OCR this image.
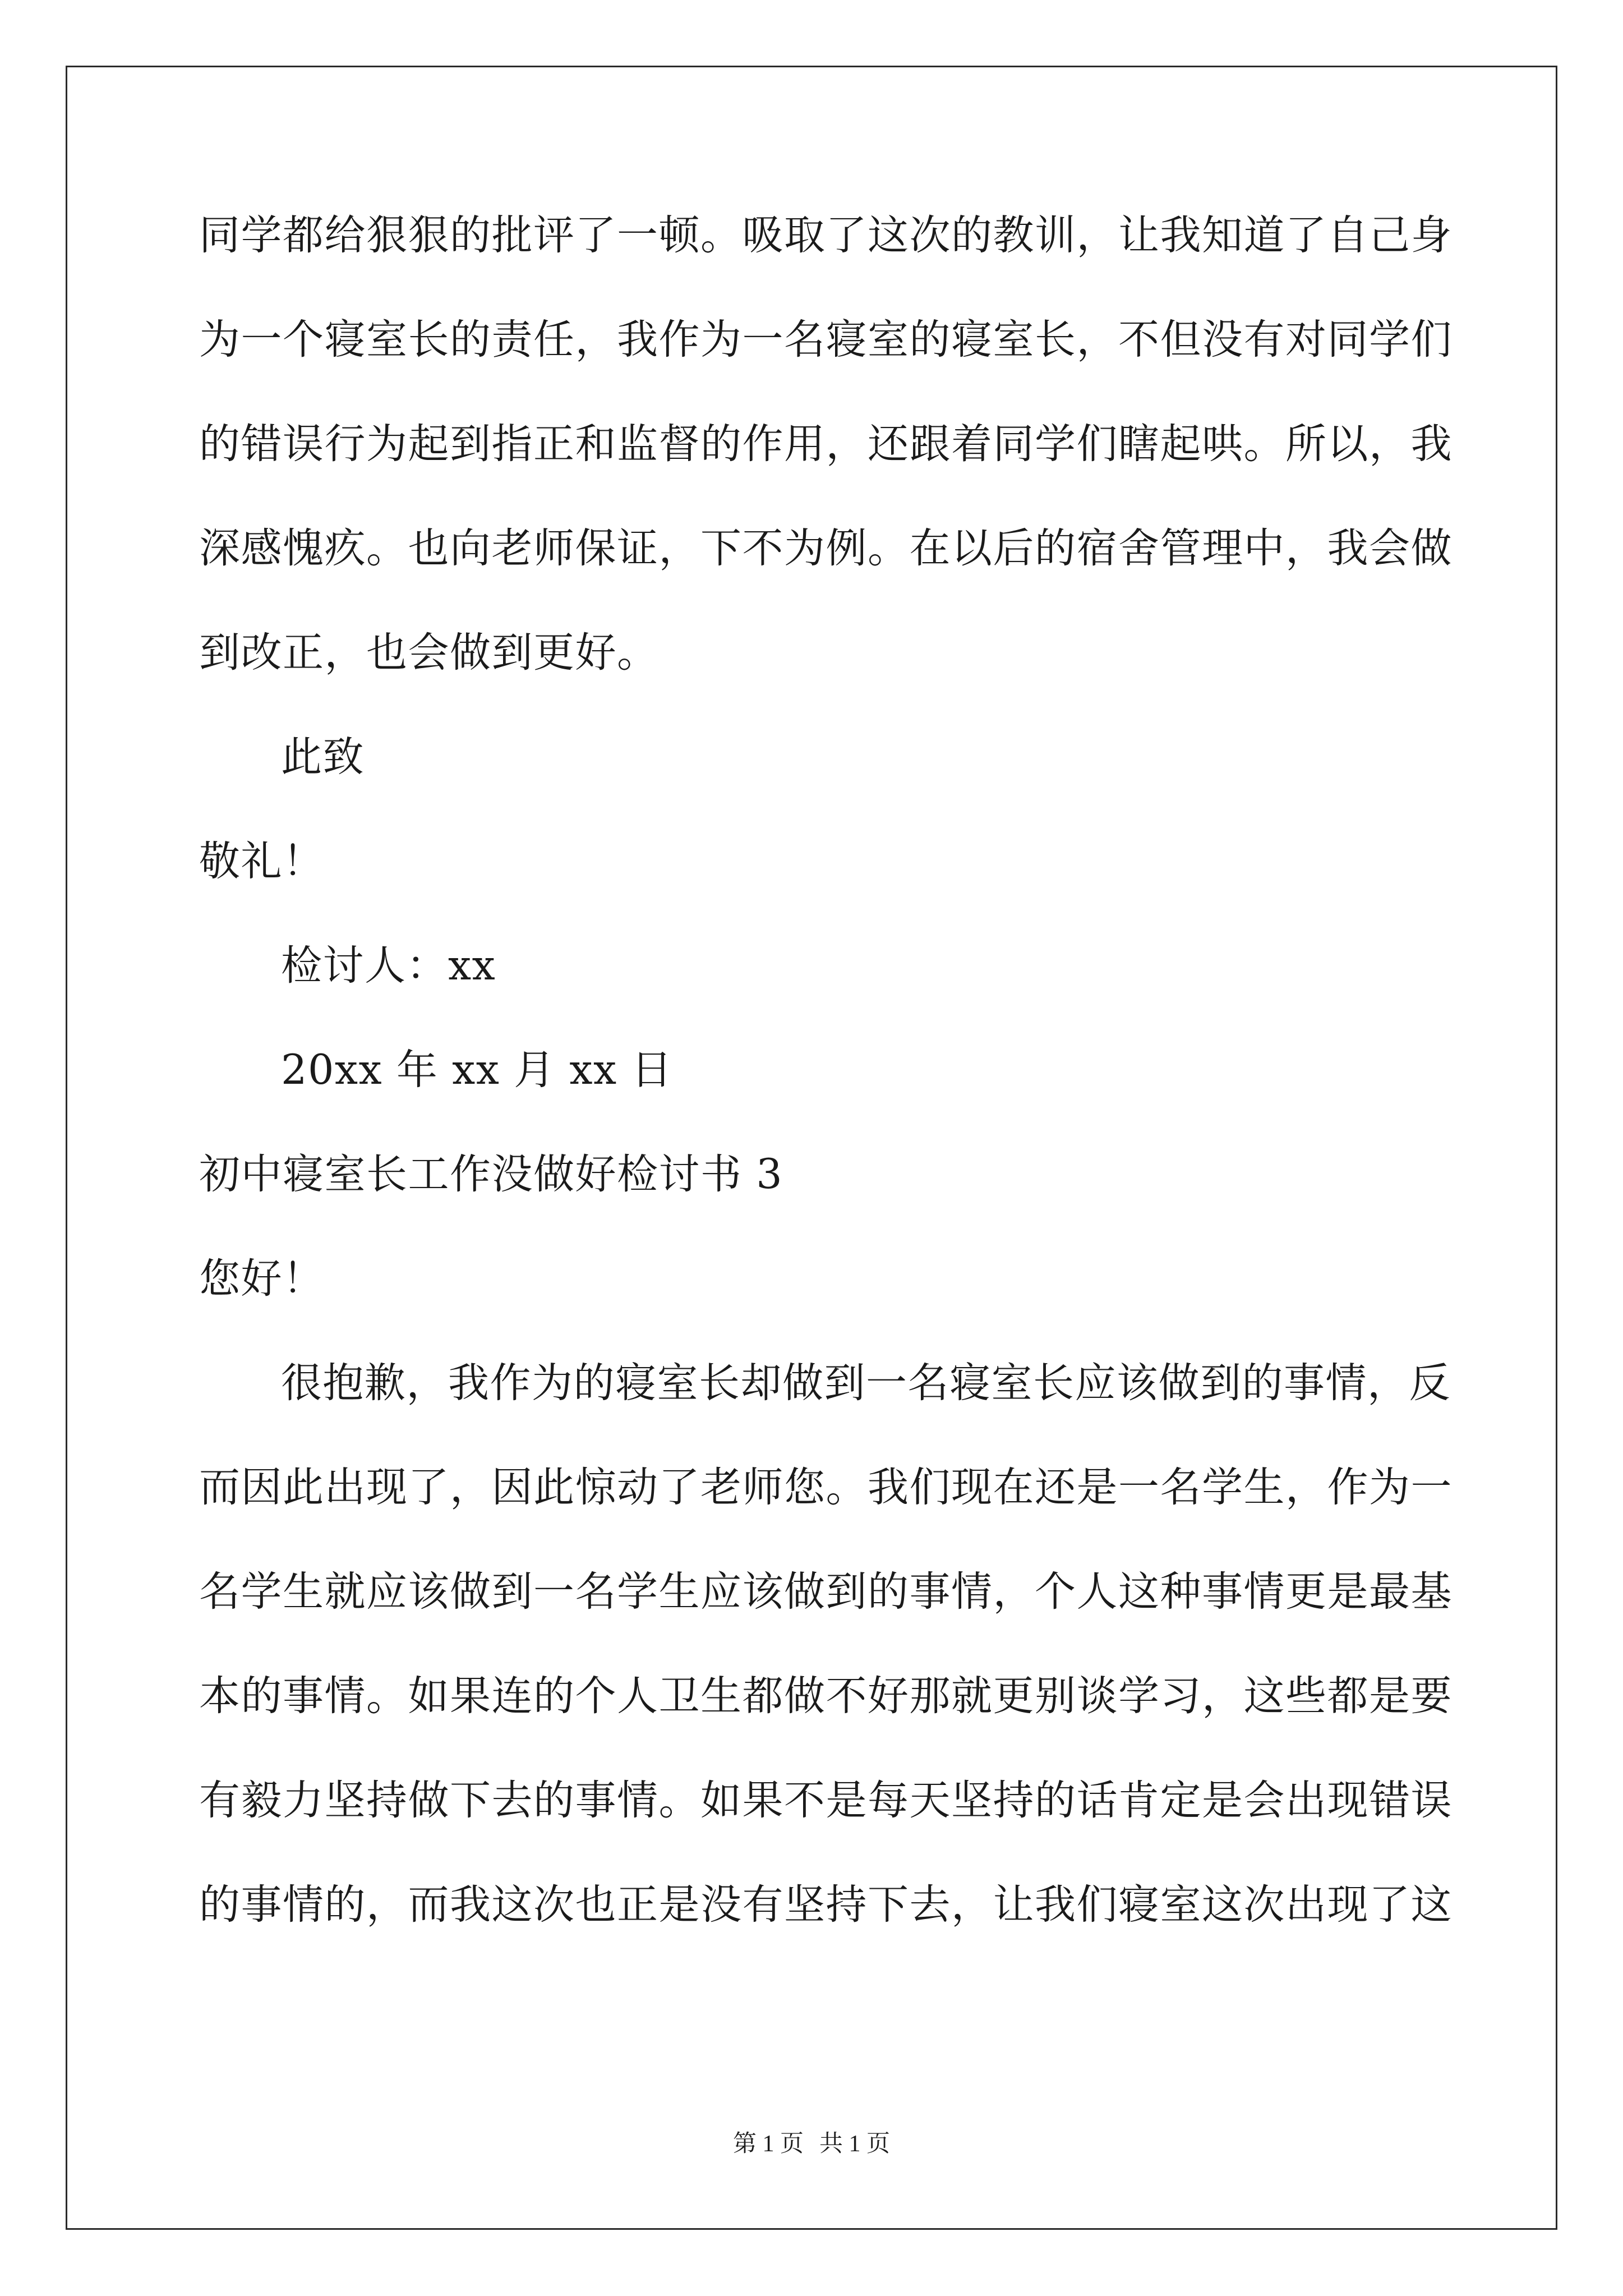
同学都给狠狠的批评了一顿。吸取了这次的教训，让我知道了自己身
为一个寝室长的责任，我作为一名寝室的寝室长，不但没有对同学们
的错误行为起到指正和监督的作用，还跟着同学们瞎起哄。所以，我
深感愧疚。也向老师保证，下不为例。在以后的宿舍管理中，我会做
到改正，也会做到更好。
此致
敬礼！
检讨人：xx
20xx 年 xx 月 xx 日
初中寝室长工作没做好检讨书 3
您好！
很抱歉，我作为的寝室长却做到一名寝室长应该做到的事情，反
而因此出现了，因此惊动了老师您。我们现在还是一名学生，作为一
名学生就应该做到一名学生应该做到的事情，个人这种事情更是最基
本的事情。如果连的个人卫生都做不好那就更别谈学习，这些都是要
有毅力坚持做下去的事情。如果不是每天坚持的话肯定是会出现错误
的事情的，而我这次也正是没有坚持下去，让我们寝室这次出现了这
第 1 页 共 1 页
